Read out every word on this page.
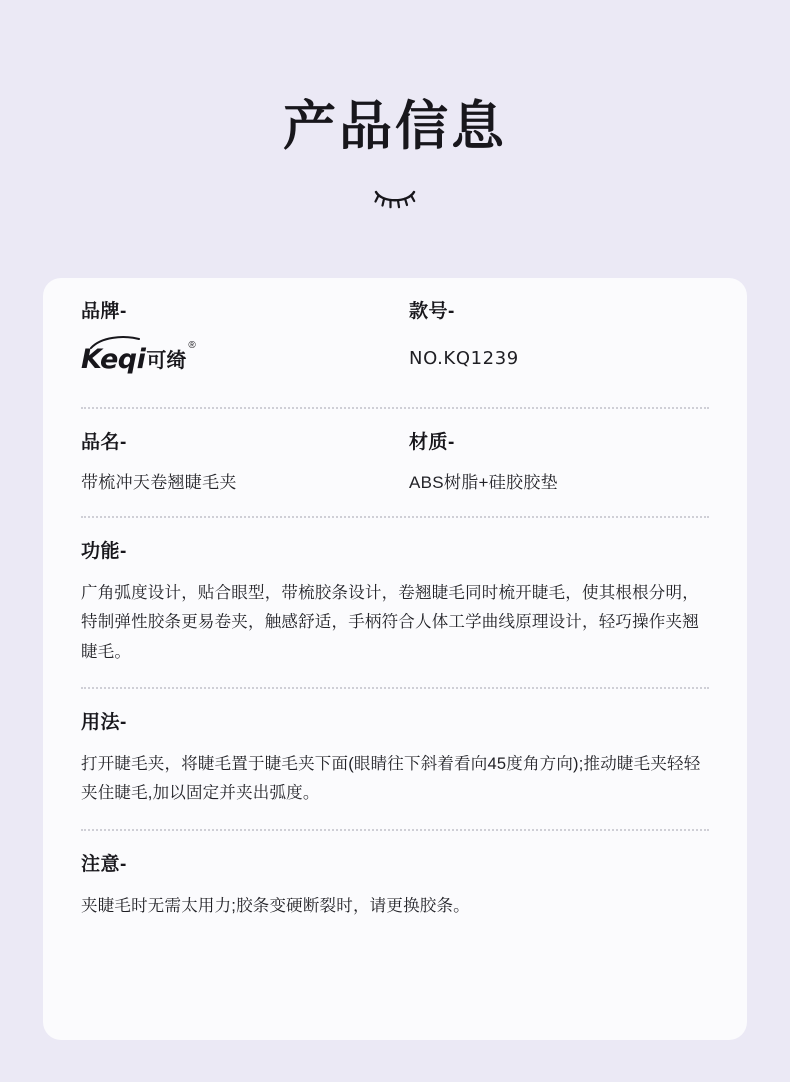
产品信息

品牌-

Keqi 可绮
®

款号-

NO.KQ1239

品名-

带梳冲天卷翘睫毛夹

材质-

ABS树脂+硅胶胶垫

功能-

广角弧度设计，贴合眼型，带梳胶条设计，卷翘睫毛同时梳开睫毛，使其根根分明，特制弹性胶条更易卷夹，触感舒适，手柄符合人体工学曲线原理设计，轻巧操作夹翘睫毛。

用法-

打开睫毛夹，将睫毛置于睫毛夹下面(眼睛往下斜着看向45度角方向);推动睫毛夹轻轻夹住睫毛,加以固定并夹出弧度。

注意-

夹睫毛时无需太用力;胶条变硬断裂时，请更换胶条。
